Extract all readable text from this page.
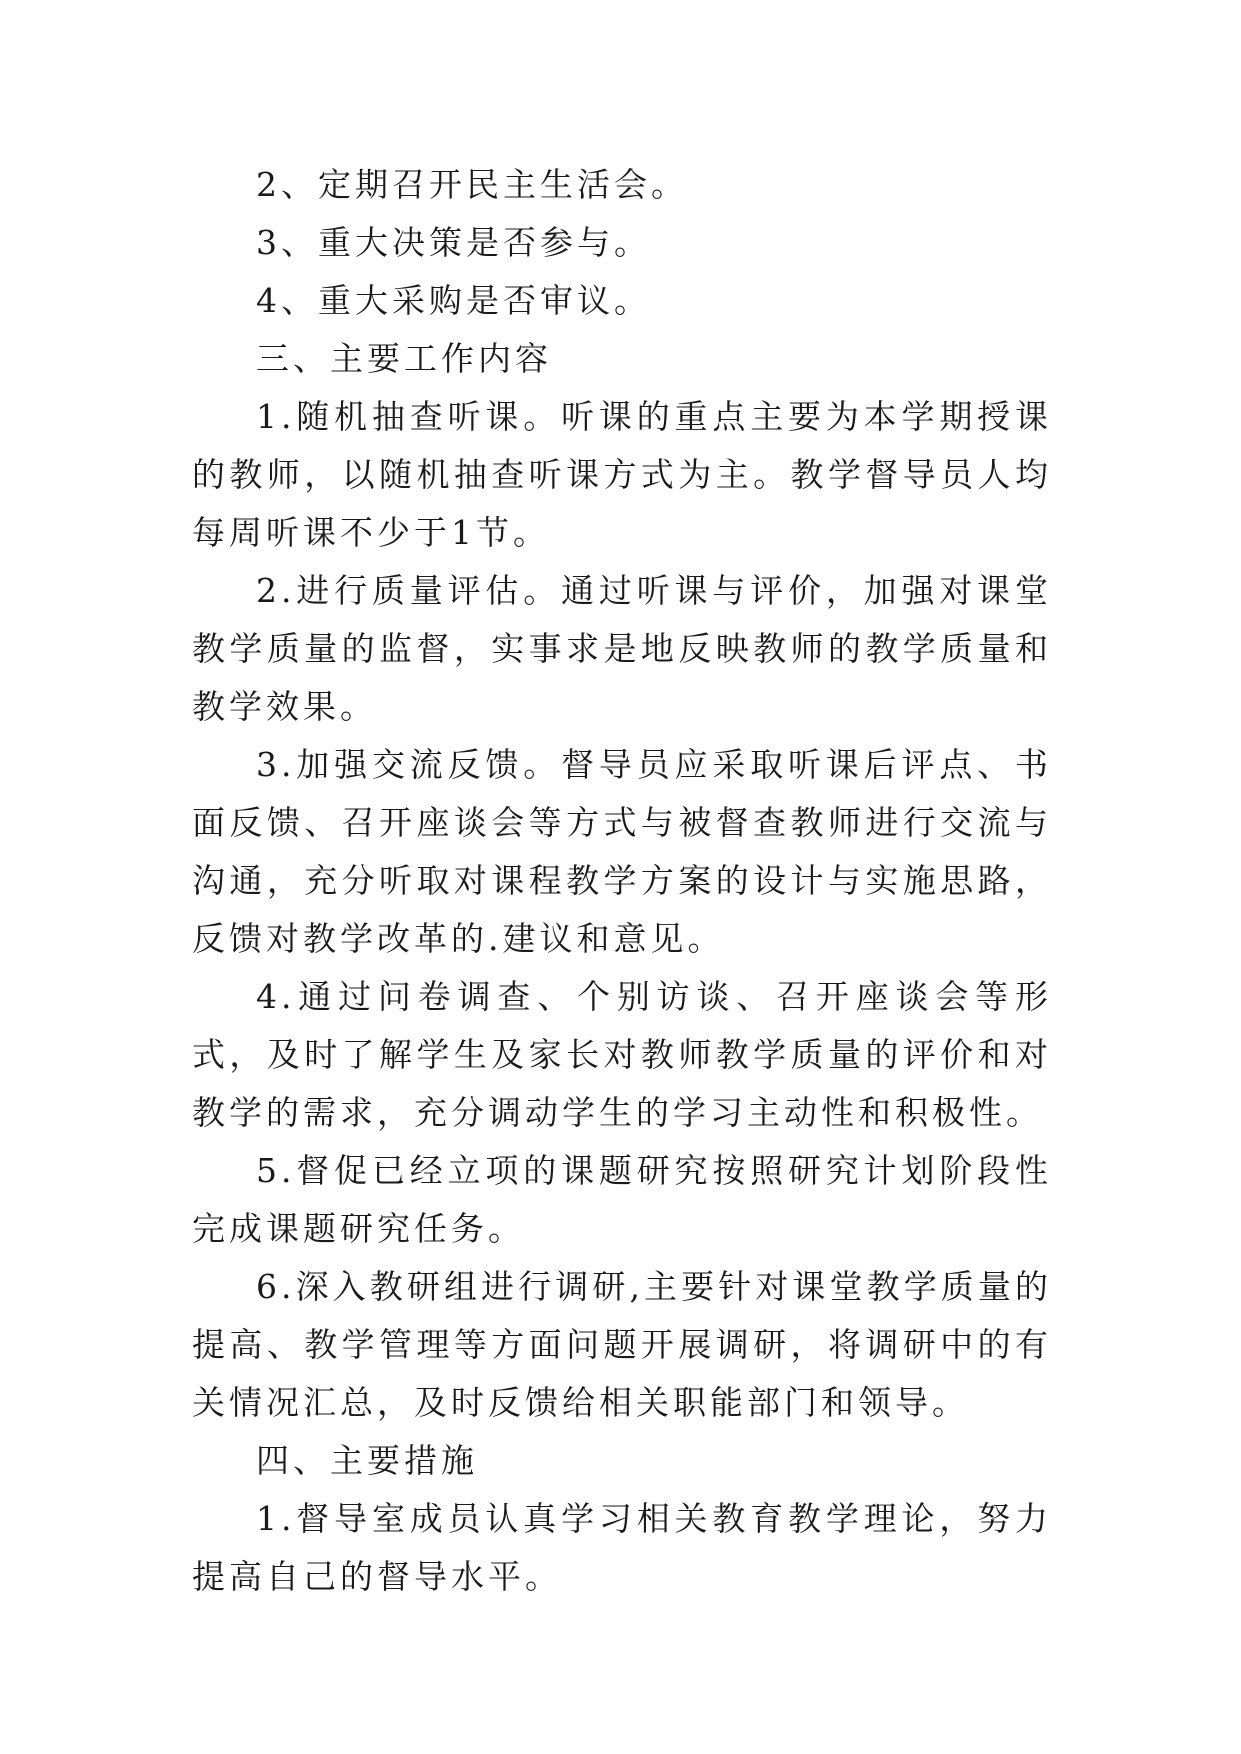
2、定期召开民主生活会。

3、重大决策是否参与。

4、重大采购是否审议。

三、主要工作内容

1.随机抽查听课。听课的重点主要为本学期授课的教师，以随机抽查听课方式为主。教学督导员人均每周听课不少于1节。

2.进行质量评估。通过听课与评价，加强对课堂教学质量的监督，实事求是地反映教师的教学质量和教学效果。

3.加强交流反馈。督导员应采取听课后评点、书面反馈、召开座谈会等方式与被督查教师进行交流与沟通，充分听取对课程教学方案的设计与实施思路，反馈对教学改革的.建议和意见。

4.通过问卷调查、个别访谈、召开座谈会等形式，及时了解学生及家长对教师教学质量的评价和对教学的需求，充分调动学生的学习主动性和积极性。

5.督促已经立项的课题研究按照研究计划阶段性完成课题研究任务。

6.深入教研组进行调研,主要针对课堂教学质量的提高、教学管理等方面问题开展调研，将调研中的有关情况汇总，及时反馈给相关职能部门和领导。

四、主要措施

1.督导室成员认真学习相关教育教学理论，努力提高自己的督导水平。
